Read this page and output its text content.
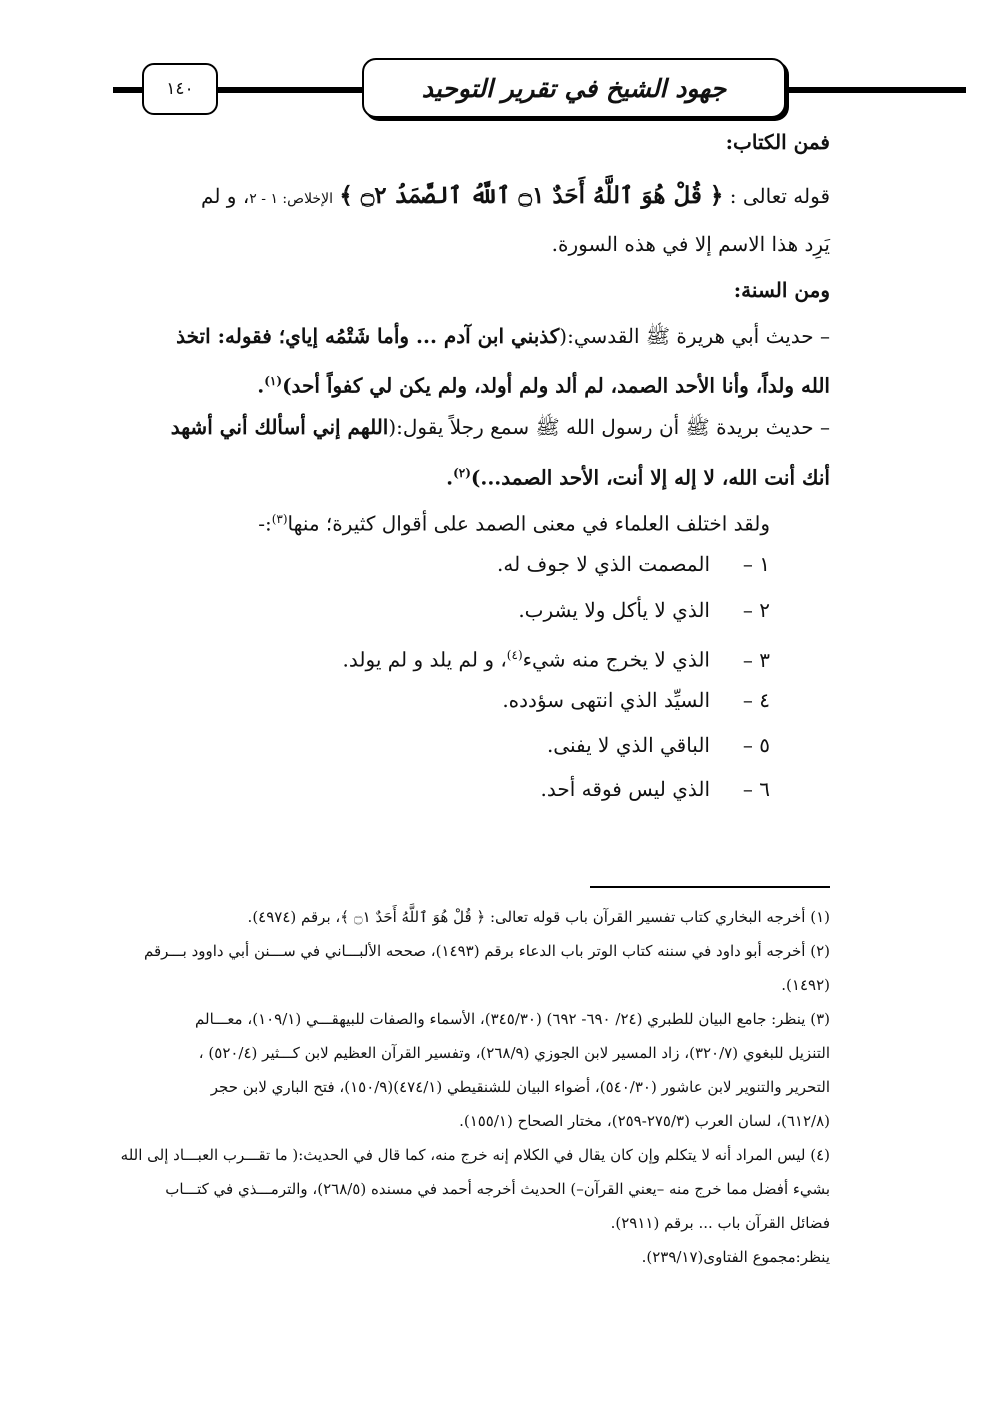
١٤٠	جهود الشيخ في تقرير التوحيد
فمن الكتاب:
قوله تعالى : ﴿ قُلْ هُوَ ٱللَّهُ أَحَدٌ ۝١ ٱللَّهُ ٱلصَّمَدُ ۝٢ ﴾ الإخلاص: ١ - ٢، و لم
يَرِد هذا الاسم إلا في هذه السورة.
ومن السنة:
– حديث أبي هريرة ﷺ القدسي:(كذبني ابن آدم ... وأما شَتْمُه إياي؛ فقوله: اتخذ
الله ولداً، وأنا الأحد الصمد، لم ألد ولم أولد، ولم يكن لي كفواً أحد)$^{(١)}$.
– حديث بريدة ﷺ أن رسول الله ﷺ سمع رجلاً يقول:(اللهم إني أسألك أني أشهد
أنك أنت الله، لا إله إلا أنت، الأحد الصمد...)$^{(٢)}$.
ولقد اختلف العلماء في معنى الصمد على أقوال كثيرة؛ منها$^{(٣)}$:-
١ –المصمت الذي لا جوف له.
٢ –الذي لا يأكل ولا يشرب.
٣ –الذي لا يخرج منه شيء$^{(٤)}$، و لم يلد و لم يولد.
٤ –السيِّد الذي انتهى سؤدده.
٥ –الباقي الذي لا يفنى.
٦ –الذي ليس فوقه أحد.
(١) أخرجه البخاري كتاب تفسير القرآن باب قوله تعالى: ﴿ قُلْ هُوَ ٱللَّهُ أَحَدٌ ۝١ ﴾، برقم (٤٩٧٤).
(٢) أخرجه أبو داود في سننه كتاب الوتر باب الدعاء برقم (١٤٩٣)، صححه الألبـــاني في ســـنن أبي داوود بـــرقم
(١٤٩٢).
(٣) ينظر: جامع البيان للطبري (٢٤/ ٦٩٠- ٦٩٢) (٣٤٥/٣٠)، الأسماء والصفات للبيهقـــي (١٠٩/١)، معـــالم
التنزيل للبغوي (٣٢٠/٧)، زاد المسير لابن الجوزي (٢٦٨/٩)، وتفسير القرآن العظيم لابن كـــثير (٥٢٠/٤) ،
التحرير والتنوير لابن عاشور (٥٤٠/٣٠)، أضواء البيان للشنقيطي (٤٧٤/١)(١٥٠/٩)، فتح الباري لابن حجر
(٦١٢/٨)، لسان العرب (٢٧٥/٣-٢٥٩)، مختار الصحاح (١٥٥/١).
(٤) ليس المراد أنه لا يتكلم وإن كان يقال في الكلام إنه خرج منه، كما قال في الحديث:( ما تقـــرب العبـــاد إلى الله
بشيء أفضل مما خرج منه –يعني القرآن–) الحديث أخرجه أحمد في مسنده (٢٦٨/٥)، والترمـــذي في كتـــاب
فضائل القرآن باب ... برقم (٢٩١١).
ينظر:مجموع الفتاوى(٢٣٩/١٧).
